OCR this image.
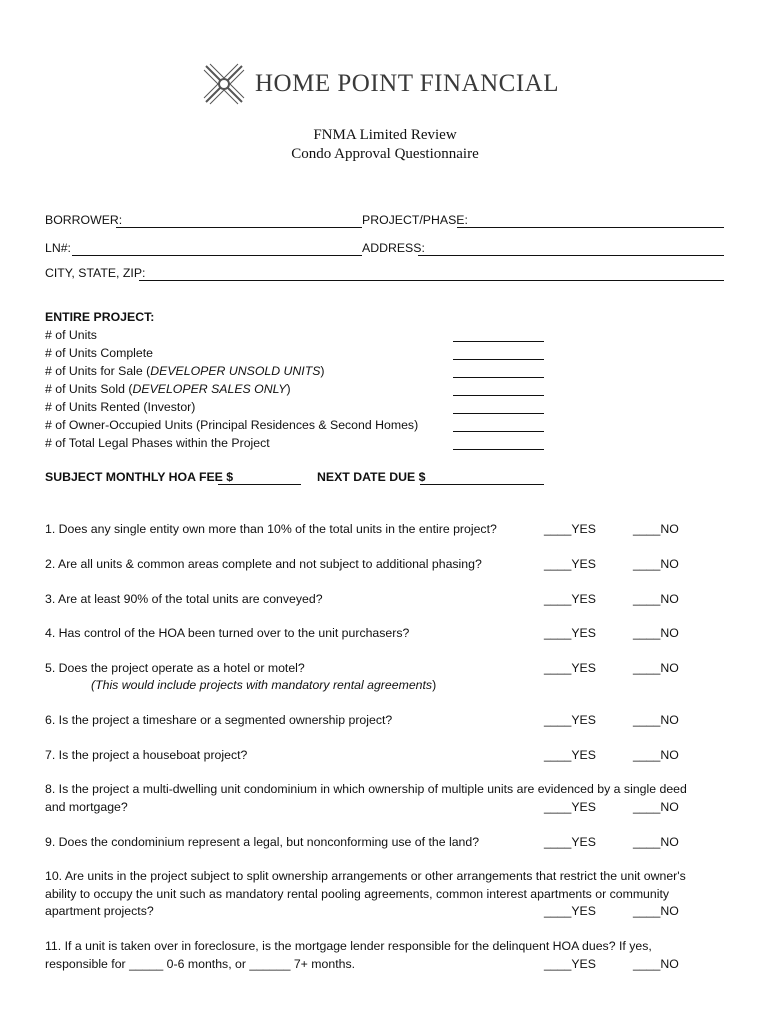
HOME POINT FINANCIAL
FNMA Limited Review
Condo Approval Questionnaire
BORROWER:	PROJECT/PHASE:
LN#:	ADDRESS:
CITY, STATE, ZIP:
ENTIRE PROJECT:
# of Units
# of Units Complete
# of Units for Sale (DEVELOPER UNSOLD UNITS)
# of Units Sold (DEVELOPER SALES ONLY)
# of Units Rented (Investor)
# of Owner-Occupied Units (Principal Residences & Second Homes)
# of Total Legal Phases within the Project
SUBJECT MONTHLY HOA FEE $	NEXT DATE DUE $
1. Does any single entity own more than 10% of the total units in the entire project?	____YES	____NO
2. Are all units & common areas complete and not subject to additional phasing?	____YES	____NO
3. Are at least 90% of the total units are conveyed?	____YES	____NO
4. Has control of the HOA been turned over to the unit purchasers?	____YES	____NO
5. Does the project operate as a hotel or motel?	____YES	____NO
(This would include projects with mandatory rental agreements)
6. Is the project a timeshare or a segmented ownership project?	____YES	____NO
7. Is the project a houseboat project?	____YES	____NO
8. Is the project a multi-dwelling unit condominium in which ownership of multiple units are evidenced by a single deed
and mortgage?	____YES	____NO
9. Does the condominium represent a legal, but nonconforming use of the land?	____YES	____NO
10. Are units in the project subject to split ownership arrangements or other arrangements that restrict the unit owner's
ability to occupy the unit such as mandatory rental pooling agreements, common interest apartments or community
apartment projects?	____YES	____NO
11. If a unit is taken over in foreclosure, is the mortgage lender responsible for the delinquent HOA dues? If yes,
responsible for _____ 0-6 months, or ______ 7+ months.	____YES	____NO
